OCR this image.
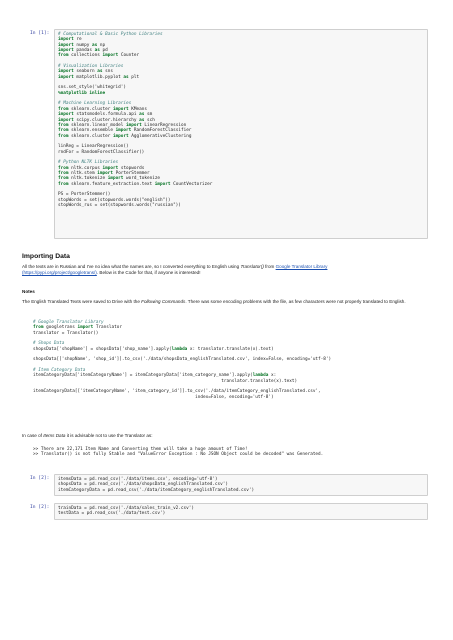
In [1]: # Computational & Basic Python Libraries
import re
import numpy as np
import pandas as pd
from collections import Counter
# Visualization Libraries
import seaborn as sns
import matplotlib.pyplot as plt
sns.set_style('whitegrid')
%matplotlib inline
# Machine Learning Libraries
from sklearn.cluster import KMeans
import statsmodels.formula.api as sm
import scipy.cluster.hierarchy as sch
from sklearn.linear_model import LinearRegression
from sklearn.ensemble import RandomForestClassifier
from sklearn.cluster import AgglomerativeClustering
linReg = LinearRegression()
rndFor = RandomForestClassifier()
# Python NLTK Libraries
from nltk.corpus import stopwords
from nltk.stem import PorterStemmer
from nltk.tokenize import word_tokenize
from sklearn.feature_extraction.text import CountVectorizer
PS = PorterStemmer()
stopWords = set(stopwords.words("english"))
stopWords_rus = set(stopwords.words("russian"))
Importing Data
All the texts are in Russian and I've no idea what the names are, so I converted everything to English using Translator() from Google Translator Library
(https://pypi.org/project/googletrans/). Below is the Code for that, if anyone is interested!
Notes
The English Translated Texts were saved to Drive with the Following Commands. There was some encoding problems with the file, as few characters were not properly translated to English.
# Google Translator Library
from googletrans import Translator
translator = Translator()
# Shops Data
shopsData['shopName'] = shopsData['shop_name'].apply(lambda x: translator.translate(x).text)
shopsData[['shopName', 'shop_id']].to_csv('./data/shopsData_englishTranslated.csv', index=False, encoding='utf-8')
# Item Category Data
itemCategoryData['itemCategoryName'] = itemCategoryData['item_category_name'].apply(lambda x:
translator.translate(x).text)
itemCategoryData[['itemCategoryName', 'item_category_id']].to_csv('./data/itemCategory_englishTranslated.csv',
index=False, encoding='utf-8')
In case of Items Data it is advisable not to use the Translator as:
>> There are 22,171 Item Name and Converting them will take a huge amount of Time!
>> Translator() is not fully Stable and "ValueError Exception : No JSON Object could be decoded" was Generated.
In [2]: itemsData = pd.read_csv('./data/items.csv', encoding='utf-8')
shopsData = pd.read_csv('./data/shopsData_englishTranslated.csv')
itemCategoryData = pd.read_csv('./data/itemCategory_englishTranslated.csv')
In [2]: trainData = pd.read_csv('./data/sales_train_v2.csv')
testData = pd.read_csv('./data/test.csv')
